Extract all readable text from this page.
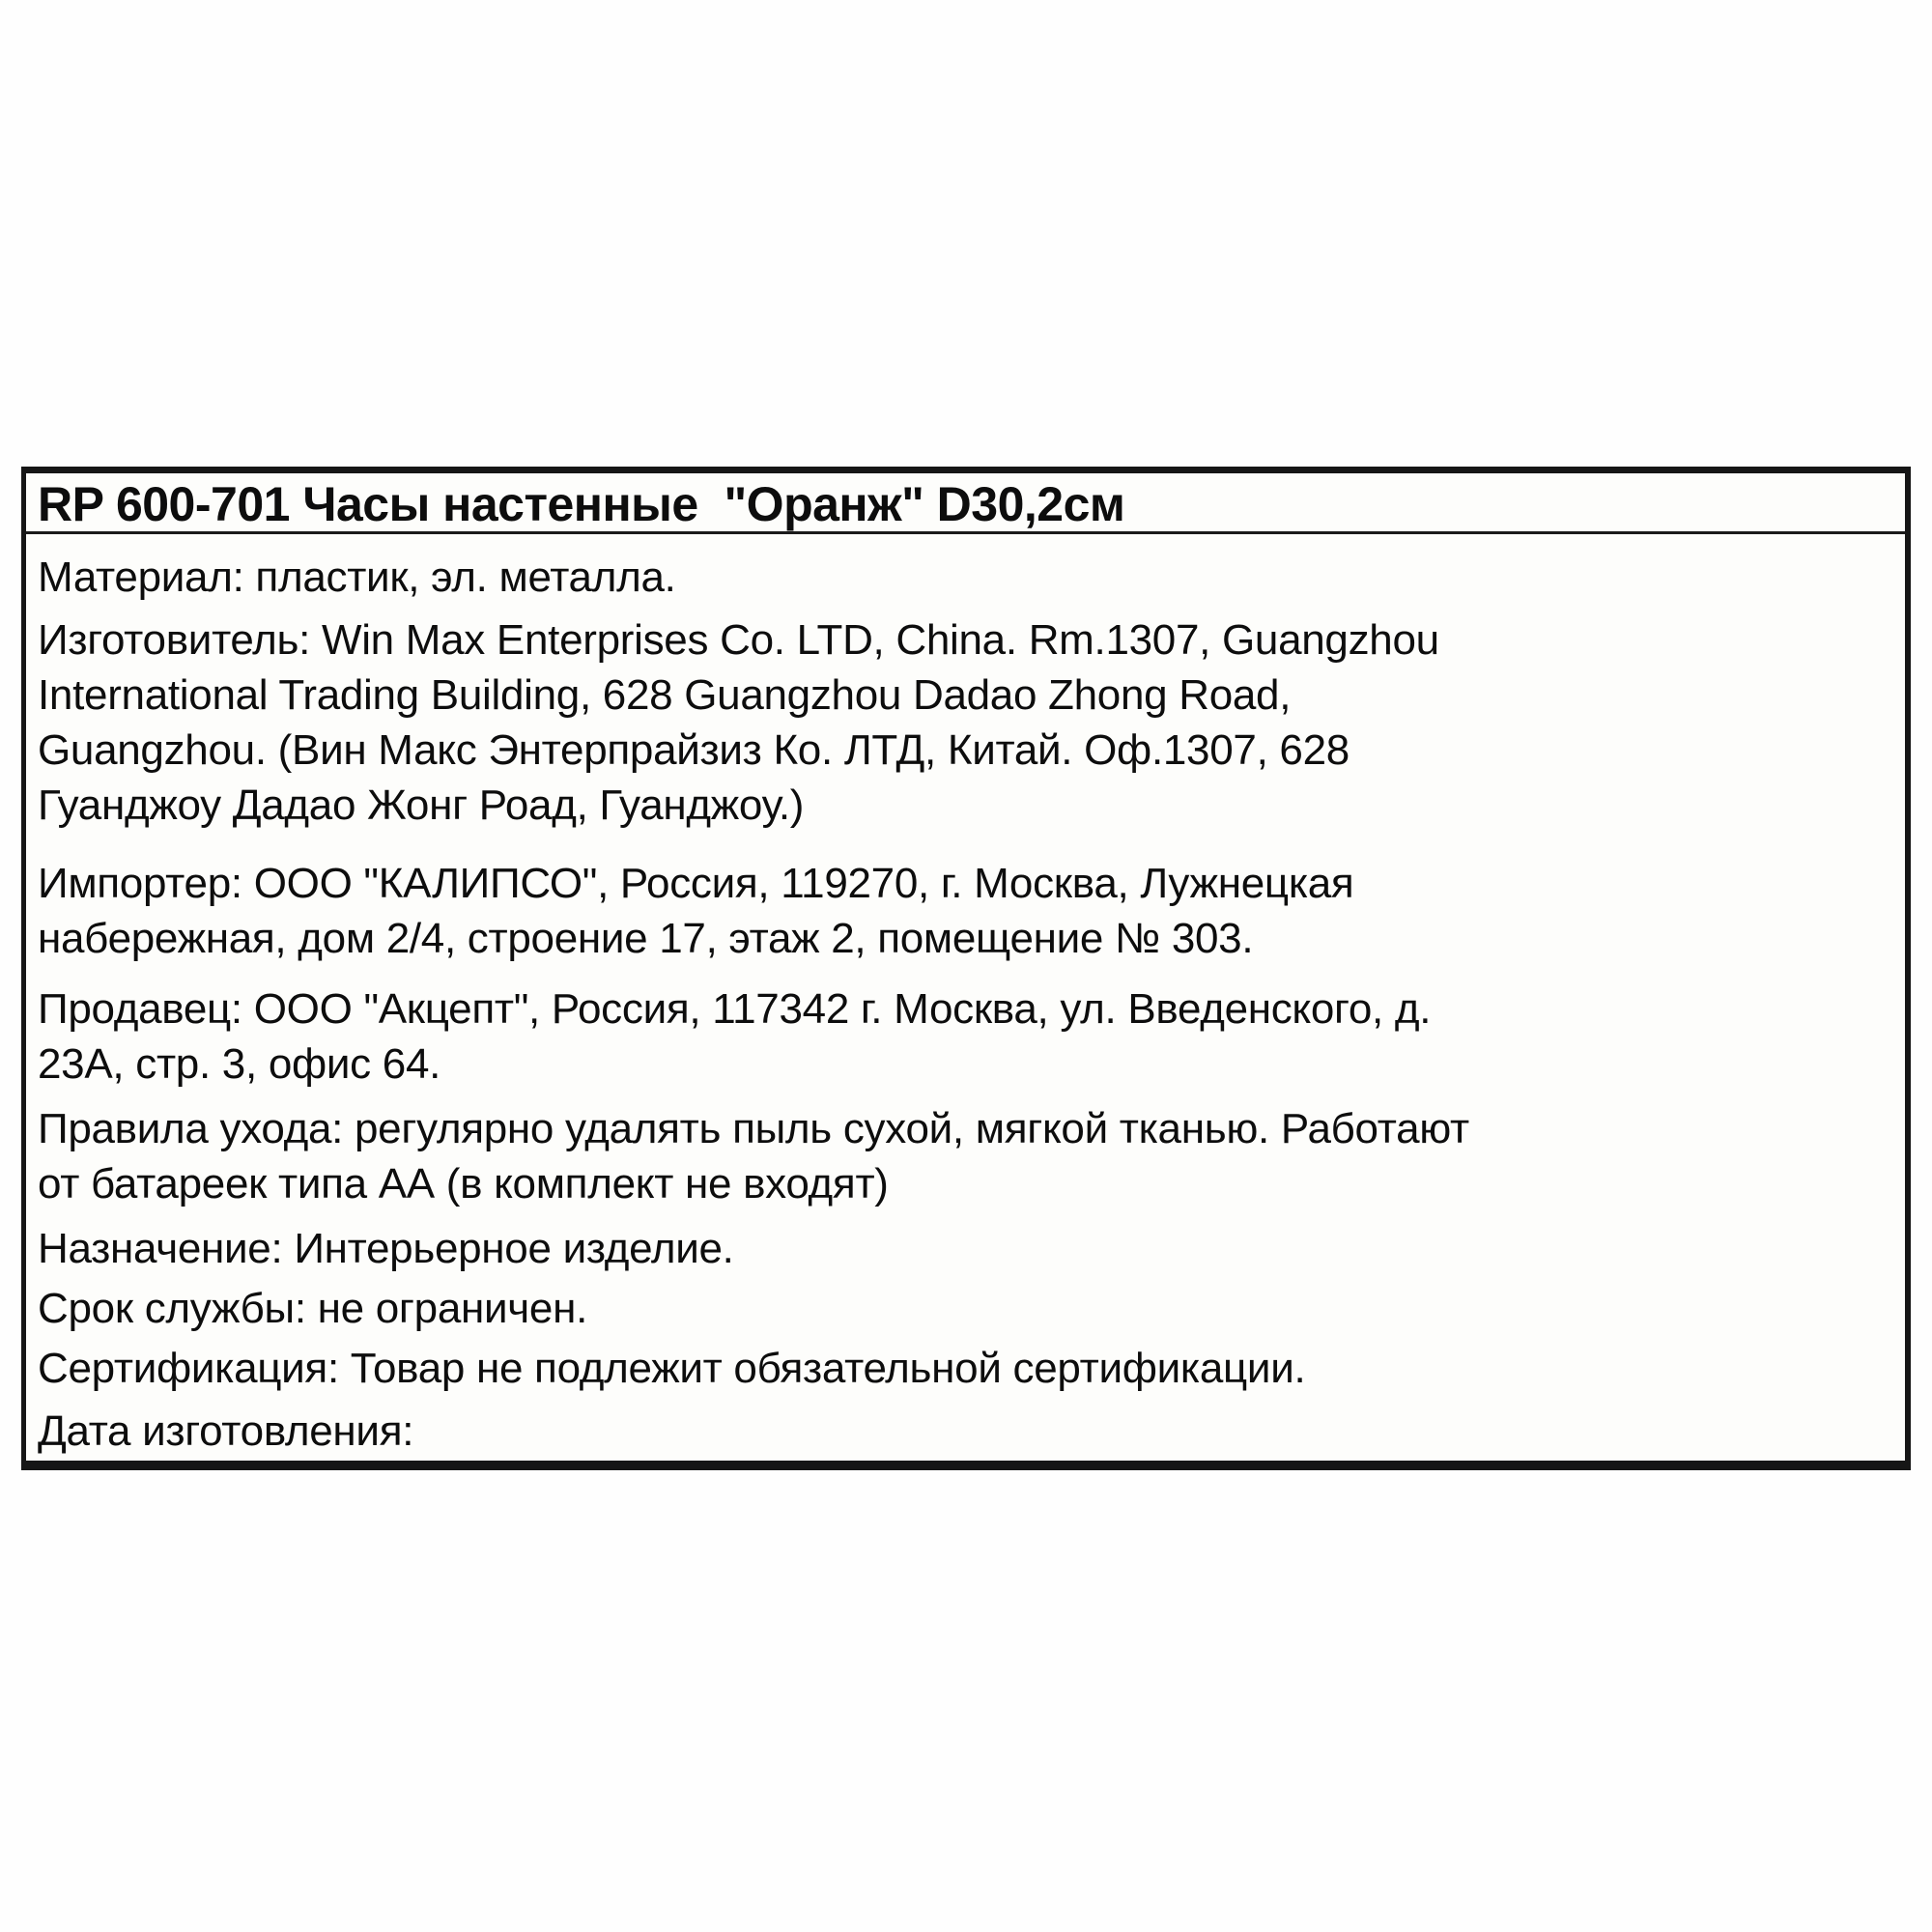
RP 600-701 Часы настенные  "Оранж" D30,2см

Материал: пластик, эл. металла.

Изготовитель: Win Max Enterprises Co. LTD, China. Rm.1307, Guangzhou
International Trading Building, 628 Guangzhou Dadao Zhong Road,
Guangzhou. (Вин Макс Энтерпрайзиз Ко. ЛТД, Китай. Оф.1307, 628
Гуанджоу Дадао Жонг Роад, Гуанджоу.)

Импортер: ООО "КАЛИПСО", Россия, 119270, г. Москва, Лужнецкая
набережная, дом 2/4, строение 17, этаж 2, помещение № 303.

Продавец: ООО "Акцепт", Россия, 117342 г. Москва, ул. Введенского, д.
23А, стр. 3, офис 64.

Правила ухода: регулярно удалять пыль сухой, мягкой тканью. Работают
от батареек типа АА (в комплект не входят)

Назначение: Интерьерное изделие.

Срок службы: не ограничен.

Сертификация: Товар не подлежит обязательной сертификации.

Дата изготовления:
